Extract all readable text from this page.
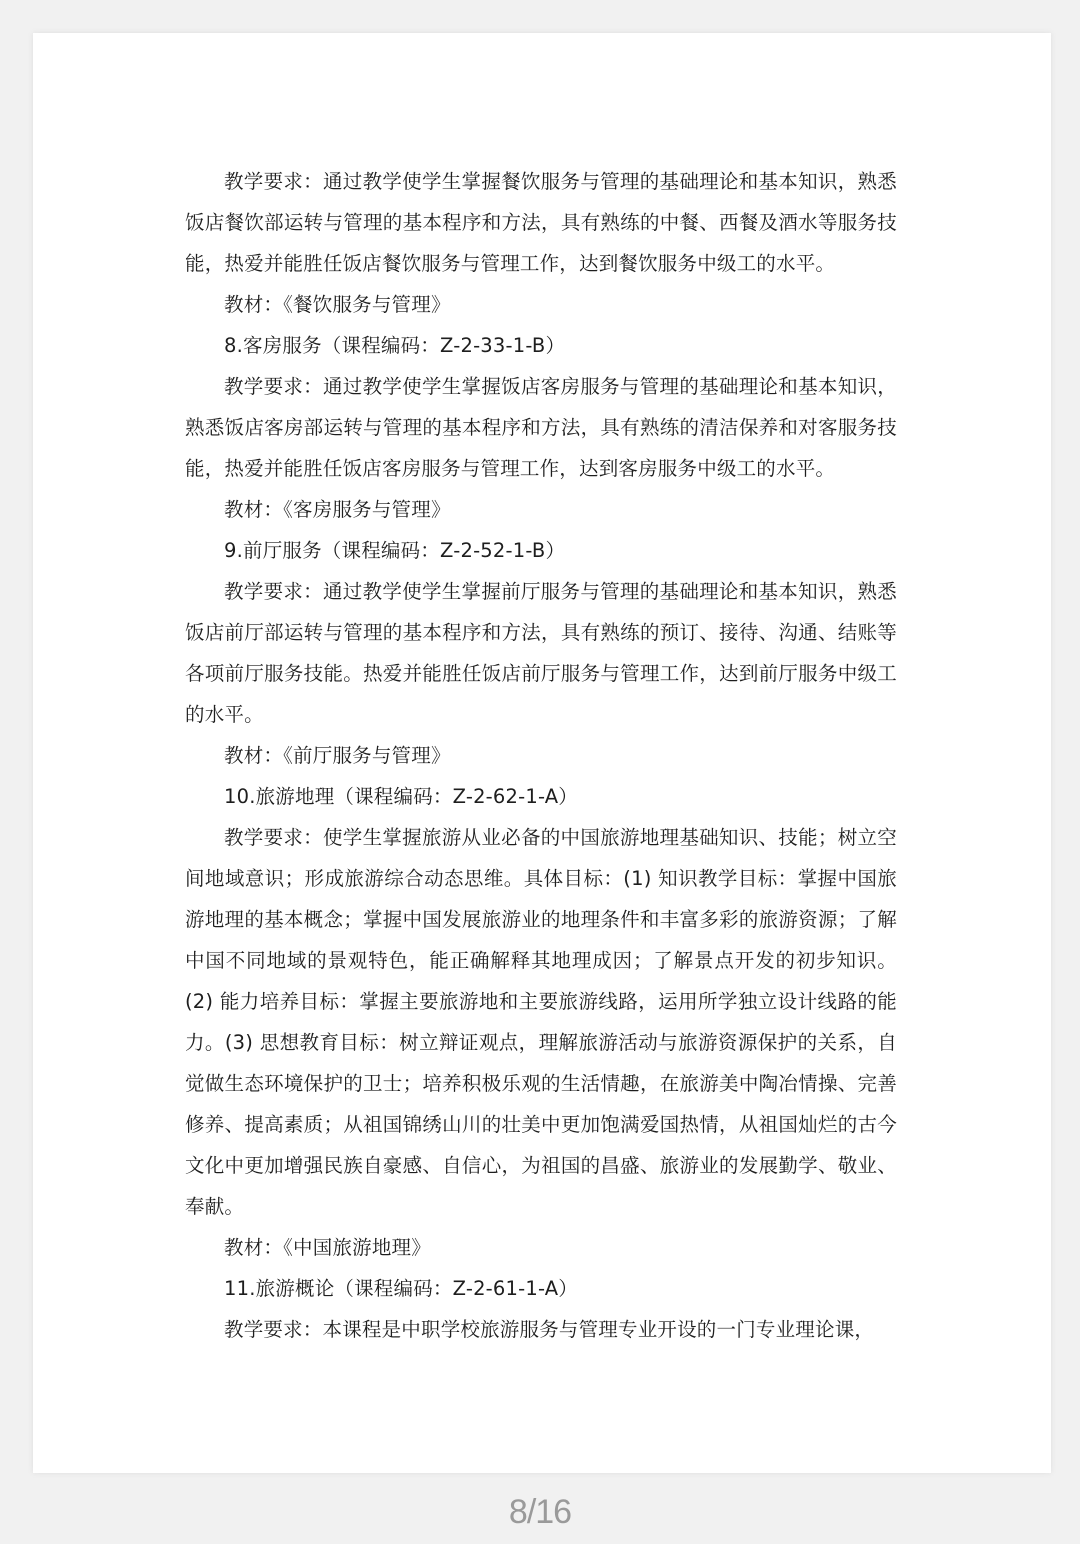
教学要求：通过教学使学生掌握餐饮服务与管理的基础理论和基本知识，熟悉饭店餐饮部运转与管理的基本程序和方法，具有熟练的中餐、西餐及酒水等服务技能，热爱并能胜任饭店餐饮服务与管理工作，达到餐饮服务中级工的水平。

教材：《餐饮服务与管理》

8.客房服务（课程编码：Z-2-33-1-B）

教学要求：通过教学使学生掌握饭店客房服务与管理的基础理论和基本知识，熟悉饭店客房部运转与管理的基本程序和方法，具有熟练的清洁保养和对客服务技能，热爱并能胜任饭店客房服务与管理工作，达到客房服务中级工的水平。

教材：《客房服务与管理》

9.前厅服务（课程编码：Z-2-52-1-B）

教学要求：通过教学使学生掌握前厅服务与管理的基础理论和基本知识，熟悉饭店前厅部运转与管理的基本程序和方法，具有熟练的预订、接待、沟通、结账等各项前厅服务技能。热爱并能胜任饭店前厅服务与管理工作，达到前厅服务中级工的水平。

教材：《前厅服务与管理》

10.旅游地理（课程编码：Z-2-62-1-A）

教学要求：使学生掌握旅游从业必备的中国旅游地理基础知识、技能；树立空间地域意识；形成旅游综合动态思维。具体目标：(1) 知识教学目标：掌握中国旅游地理的基本概念；掌握中国发展旅游业的地理条件和丰富多彩的旅游资源；了解中国不同地域的景观特色，能正确解释其地理成因；了解景点开发的初步知识。(2) 能力培养目标：掌握主要旅游地和主要旅游线路，运用所学独立设计线路的能力。(3) 思想教育目标：树立辩证观点，理解旅游活动与旅游资源保护的关系，自觉做生态环境保护的卫士；培养积极乐观的生活情趣，在旅游美中陶冶情操、完善修养、提高素质；从祖国锦绣山川的壮美中更加饱满爱国热情，从祖国灿烂的古今文化中更加增强民族自豪感、自信心，为祖国的昌盛、旅游业的发展勤学、敬业、奉献。

教材：《中国旅游地理》

11.旅游概论（课程编码：Z-2-61-1-A）

教学要求：本课程是中职学校旅游服务与管理专业开设的一门专业理论课，

8/16
